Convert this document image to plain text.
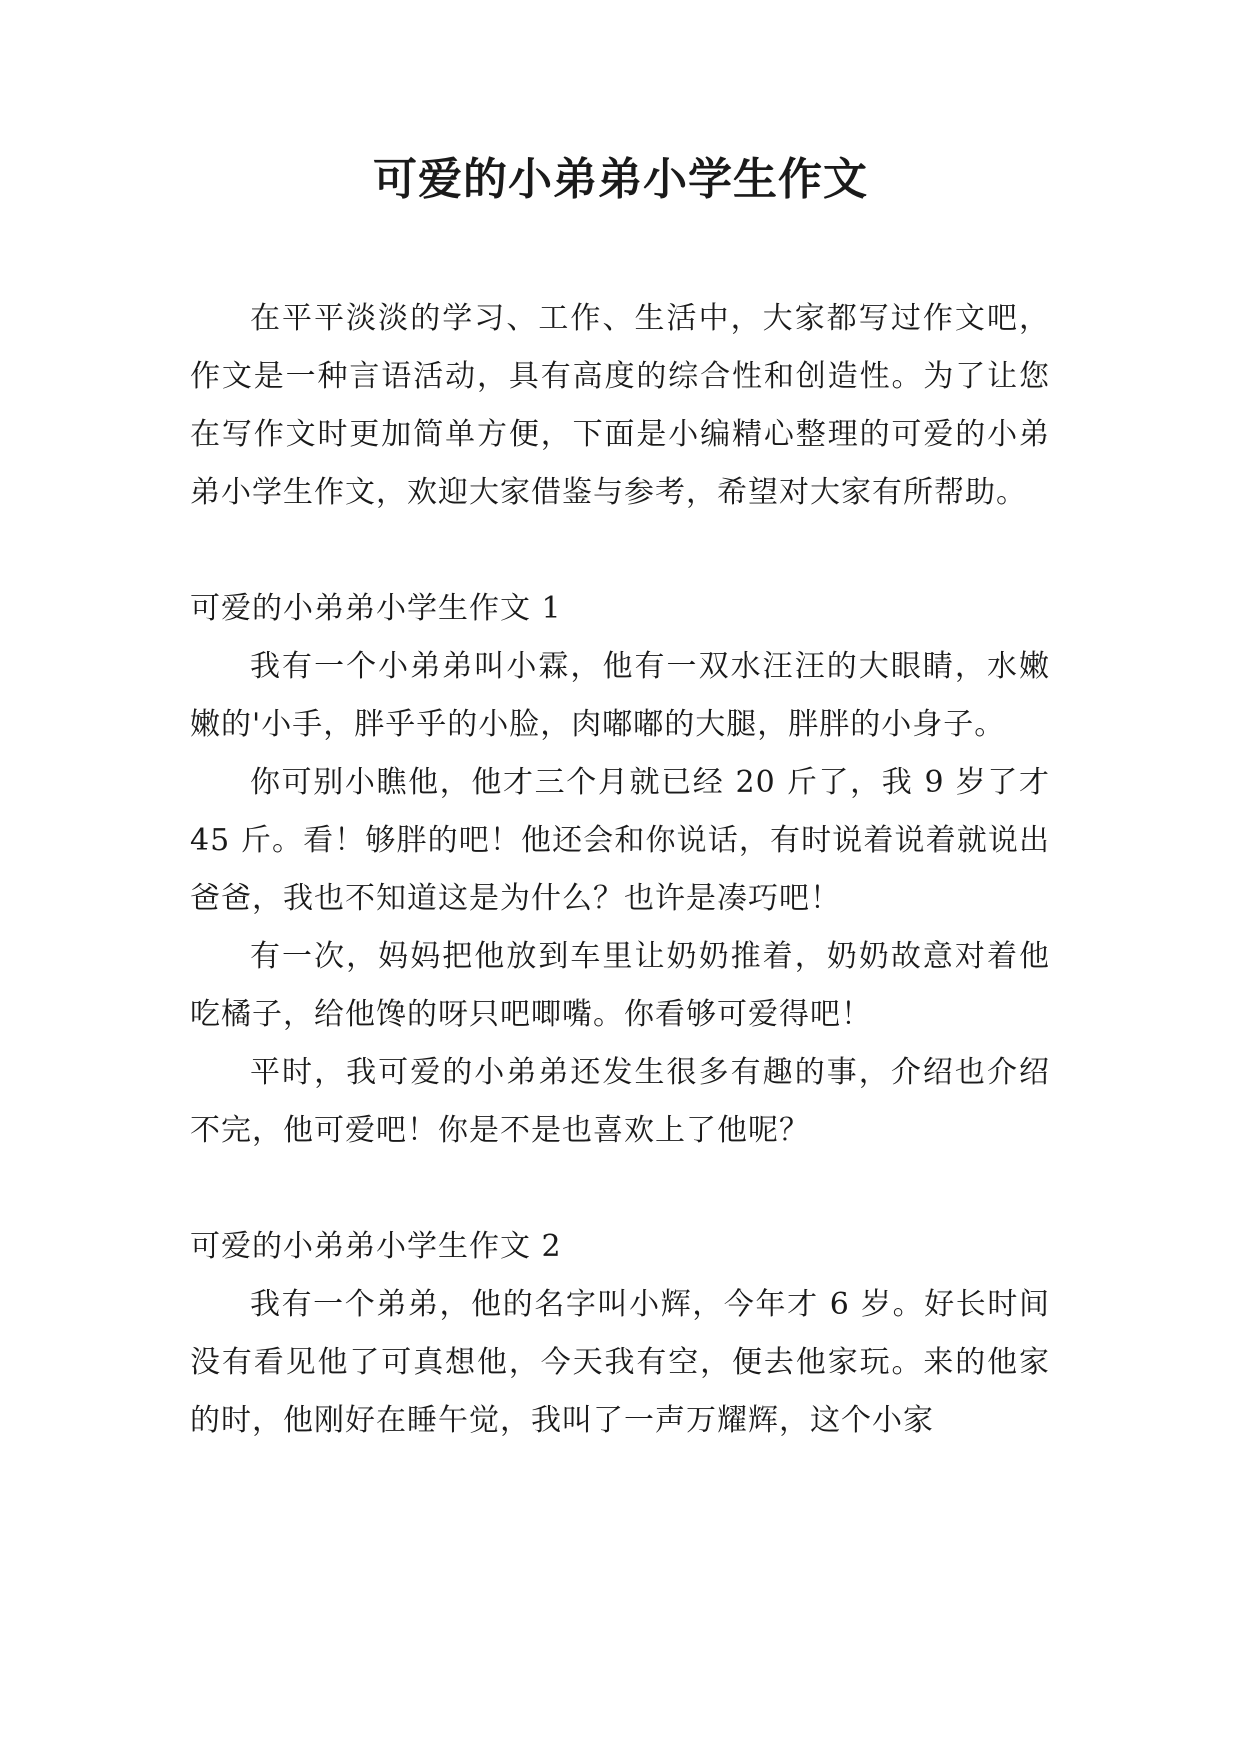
可爱的小弟弟小学生作文

在平平淡淡的学习、工作、生活中，大家都写过作文吧，作文是一种言语活动，具有高度的综合性和创造性。为了让您在写作文时更加简单方便，下面是小编精心整理的可爱的小弟弟小学生作文，欢迎大家借鉴与参考，希望对大家有所帮助。

可爱的小弟弟小学生作文 1

我有一个小弟弟叫小霖，他有一双水汪汪的大眼睛，水嫩嫩的'小手，胖乎乎的小脸，肉嘟嘟的大腿，胖胖的小身子。

你可别小瞧他，他才三个月就已经 20 斤了，我 9 岁了才 45 斤。看！够胖的吧！他还会和你说话，有时说着说着就说出爸爸，我也不知道这是为什么？也许是凑巧吧！

有一次，妈妈把他放到车里让奶奶推着，奶奶故意对着他吃橘子，给他馋的呀只吧唧嘴。你看够可爱得吧！

平时，我可爱的小弟弟还发生很多有趣的事，介绍也介绍不完，他可爱吧！你是不是也喜欢上了他呢？

可爱的小弟弟小学生作文 2

我有一个弟弟，他的名字叫小辉，今年才 6 岁。好长时间没有看见他了可真想他，今天我有空，便去他家玩。来的他家的时，他刚好在睡午觉，我叫了一声万耀辉，这个小家
